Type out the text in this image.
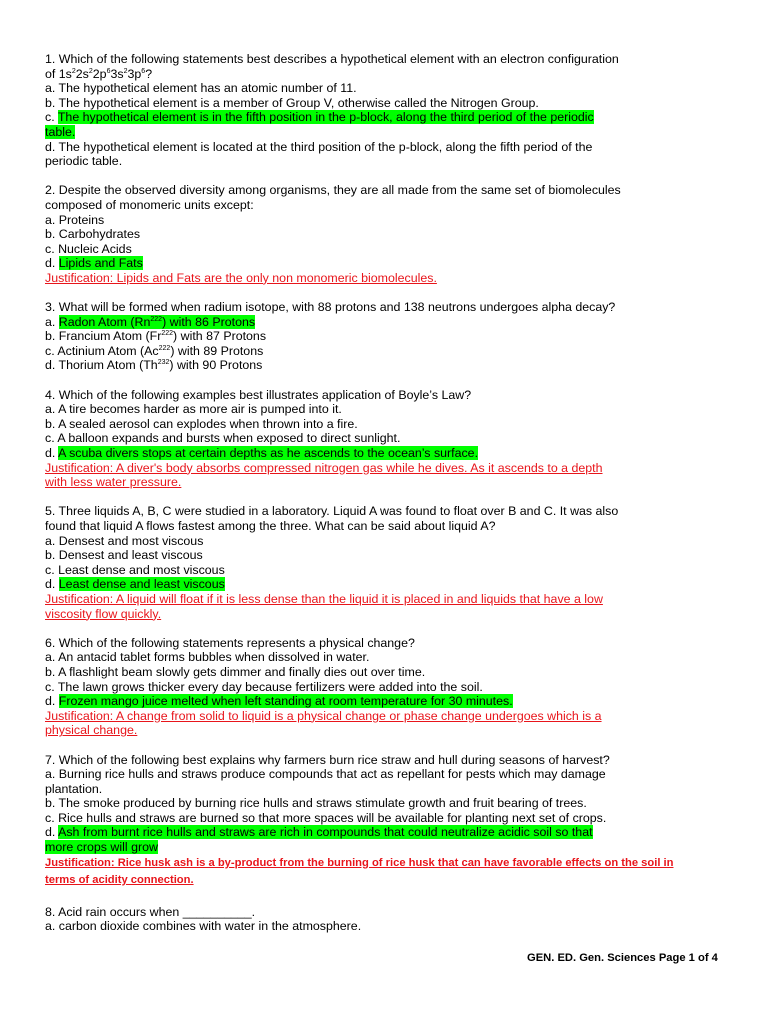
1. Which of the following statements best describes a hypothetical element with an electron configuration
of $1s^22s^22p^63s^23p^6$?
a. The hypothetical element has an atomic number of 11.
b. The hypothetical element is a member of Group V, otherwise called the Nitrogen Group.
c. The hypothetical element is in the fifth position in the p-block, along the third period of the periodic
table.
d. The hypothetical element is located at the third position of the p-block, along the fifth period of the
periodic table.
2. Despite the observed diversity among organisms, they are all made from the same set of biomolecules
composed of monomeric units except:
a. Proteins
b. Carbohydrates
c. Nucleic Acids
d. Lipids and Fats
Justification: Lipids and Fats are the only non monomeric biomolecules.
3. What will be formed when radium isotope, with 88 protons and 138 neutrons undergoes alpha decay?
a. Radon Atom (Rn$^{222}$) with 86 Protons
b. Francium Atom (Fr$^{222}$) with 87 Protons
c. Actinium Atom (Ac$^{222}$) with 89 Protons
d. Thorium Atom (Th$^{232}$) with 90 Protons
4. Which of the following examples best illustrates application of Boyle’s Law?
a. A tire becomes harder as more air is pumped into it.
b. A sealed aerosol can explodes when thrown into a fire.
c. A balloon expands and bursts when exposed to direct sunlight.
d. A scuba divers stops at certain depths as he ascends to the ocean’s surface.
Justification: A diver's body absorbs compressed nitrogen gas while he dives. As it ascends to a depth
with less water pressure.
5. Three liquids A, B, C were studied in a laboratory. Liquid A was found to float over B and C. It was also
found that liquid A flows fastest among the three. What can be said about liquid A?
a. Densest and most viscous
b. Densest and least viscous
c. Least dense and most viscous
d. Least dense and least viscous
Justification: A liquid will float if it is less dense than the liquid it is placed in and liquids that have a low
viscosity flow quickly.
6. Which of the following statements represents a physical change?
a. An antacid tablet forms bubbles when dissolved in water.
b. A flashlight beam slowly gets dimmer and finally dies out over time.
c. The lawn grows thicker every day because fertilizers were added into the soil.
d. Frozen mango juice melted when left standing at room temperature for 30 minutes.
Justification: A change from solid to liquid is a physical change or phase change undergoes which is a
physical change.
7. Which of the following best explains why farmers burn rice straw and hull during seasons of harvest?
a. Burning rice hulls and straws produce compounds that act as repellant for pests which may damage
plantation.
b. The smoke produced by burning rice hulls and straws stimulate growth and fruit bearing of trees.
c. Rice hulls and straws are burned so that more spaces will be available for planting next set of crops.
d. Ash from burnt rice hulls and straws are rich in compounds that could neutralize acidic soil so that
more crops will grow
Justification: Rice husk ash is a by-product from the burning of rice husk that can have favorable effects on the soil in
terms of acidity connection.
8. Acid rain occurs when __________.
a. carbon dioxide combines with water in the atmosphere.
GEN. ED. Gen. Sciences Page 1 of 4
